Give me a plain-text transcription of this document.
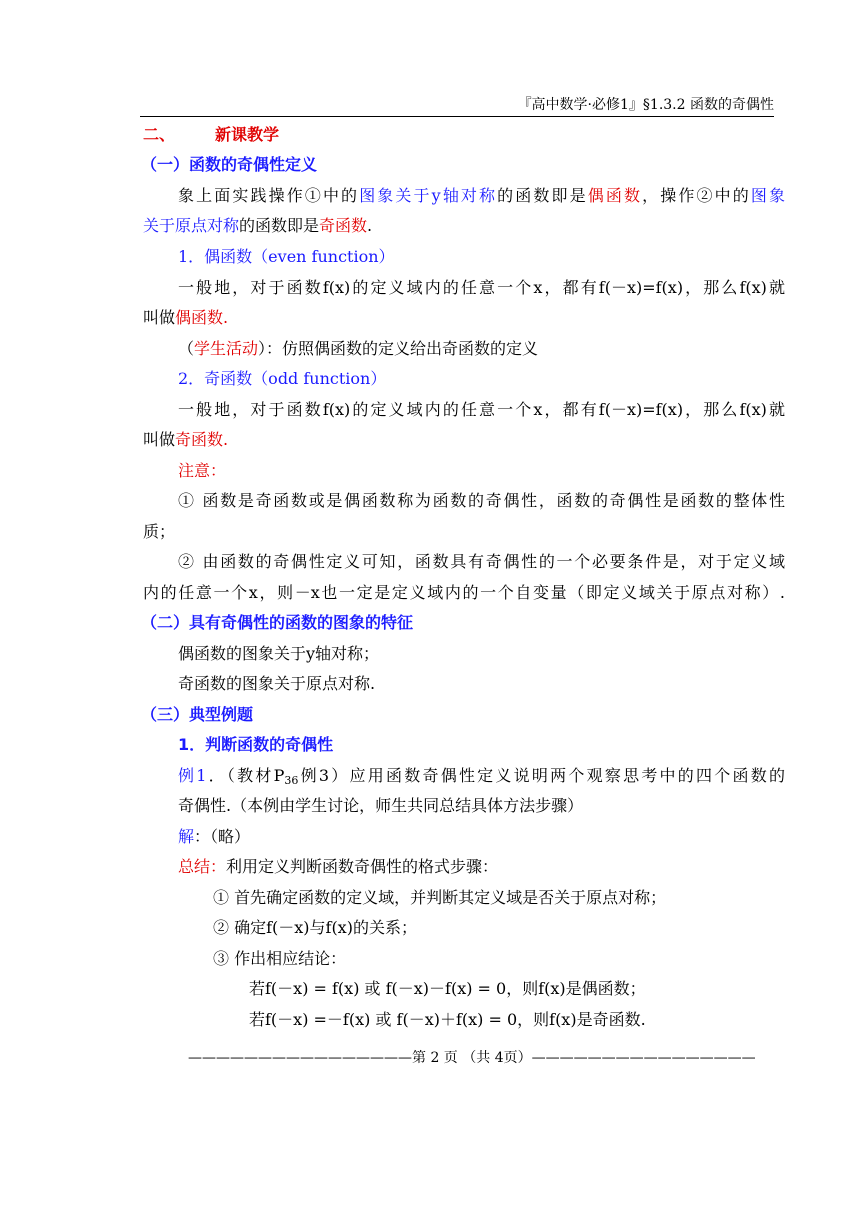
『高中数学·必修1』§1.3.2 函数的奇偶性
二、	新课教学
（一）函数的奇偶性定义
象上面实践操作①中的图象关于y轴对称的函数即是偶函数，操作②中的图象
关于原点对称的函数即是奇函数.
1．偶函数（even function）
一般地，对于函数f(x)的定义域内的任意一个x，都有f(－x)=f(x)，那么f(x)就
叫做偶函数.
（学生活动）：仿照偶函数的定义给出奇函数的定义
2．奇函数（odd function）
一般地，对于函数f(x)的定义域内的任意一个x，都有f(－x)=f(x)，那么f(x)就
叫做奇函数.
注意：
① 函数是奇函数或是偶函数称为函数的奇偶性，函数的奇偶性是函数的整体性
质；
② 由函数的奇偶性定义可知，函数具有奇偶性的一个必要条件是，对于定义域
内的任意一个x，则－x也一定是定义域内的一个自变量（即定义域关于原点对称）.
（二）具有奇偶性的函数的图象的特征
偶函数的图象关于y轴对称；
奇函数的图象关于原点对称.
（三）典型例题
1．判断函数的奇偶性
例1．（教材$P_{36}$例3）应用函数奇偶性定义说明两个观察思考中的四个函数的
奇偶性.（本例由学生讨论，师生共同总结具体方法步骤）
解：（略）
总结：利用定义判断函数奇偶性的格式步骤：
① 首先确定函数的定义域，并判断其定义域是否关于原点对称；
② 确定f(－x)与f(x)的关系；
③ 作出相应结论：
若f(－x) = f(x) 或 f(－x)－f(x) = 0，则f(x)是偶函数；
若f(－x) =－f(x) 或 f(－x)＋f(x) = 0，则f(x)是奇函数.
————————————————第 2 页 （共 4页）————————————————
